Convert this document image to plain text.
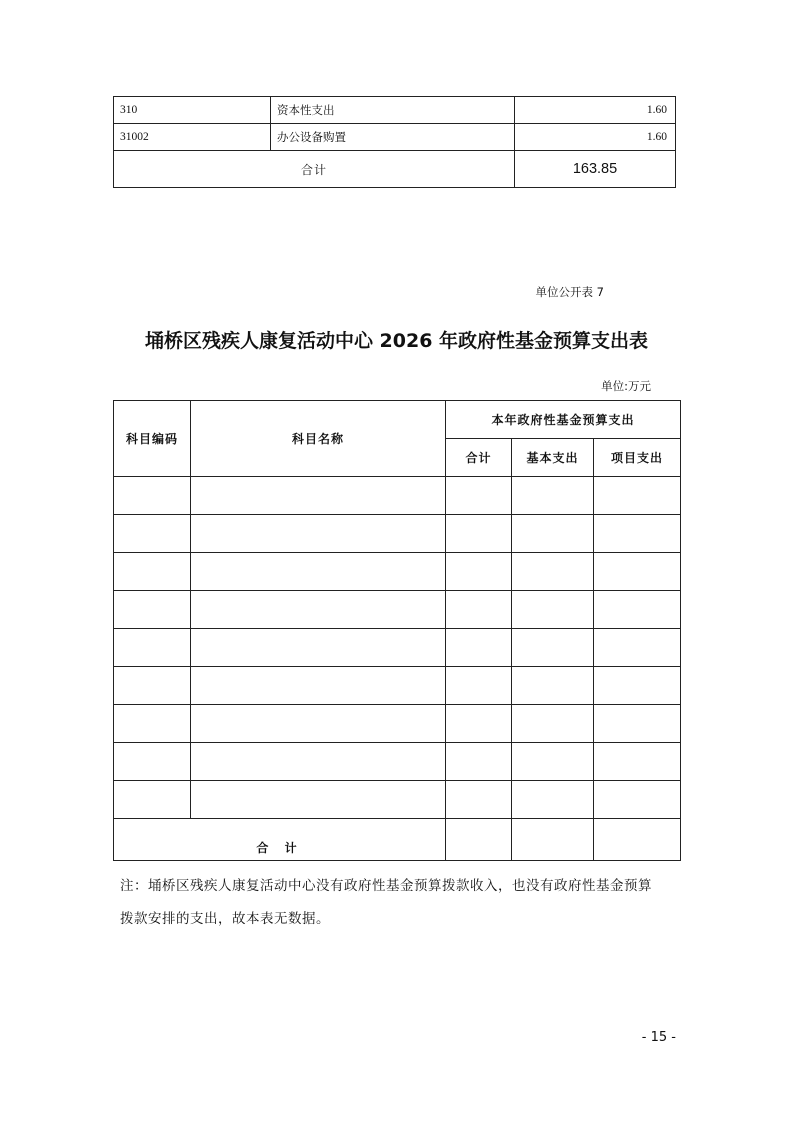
310	资本性支出	1.60
31002	办公设备购置	1.60
合计		163.85
单位公开表 7
埇桥区残疾人康复活动中心 2026 年政府性基金预算支出表
单位:万元
科目编码	科目名称	本年政府性基金预算支出		
		合计	基本支出	项目支出

合 计				
注：埇桥区残疾人康复活动中心没有政府性基金预算拨款收入，也没有政府性基金预算拨款安排的支出，故本表无数据。
- 15 -
